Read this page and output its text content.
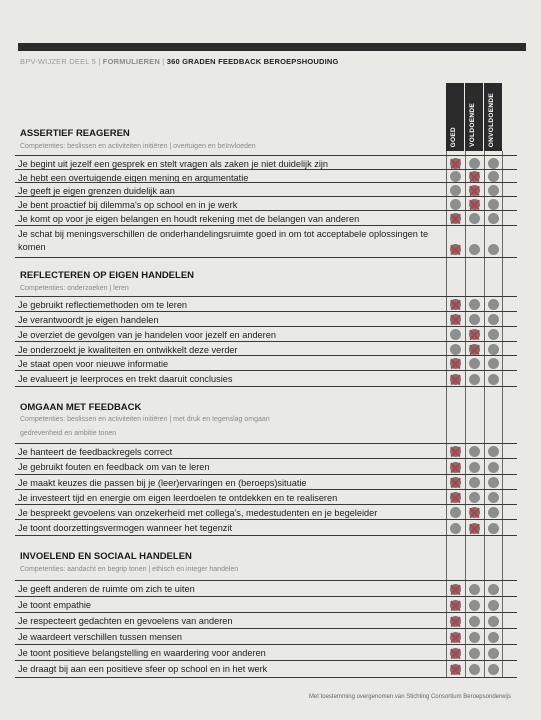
BPV-WIJZER DEEL 5 | FORMULIEREN | 360 GRADEN FEEDBACK BEROEPSHOUDING
GOED VOLDOENDE ONVOLDOENDE
Met toestemming overgenomen van Stichting Consortium Beroepsonderwijs
ASSERTIEF REAGEREN
Competenties: beslissen en activiteiten initiëren | overtuigen en beïnvloeden
Je begint uit jezelf een gesprek en stelt vragen als zaken je niet duidelijk zijn
Je hebt een overtuigende eigen mening en argumentatie
Je geeft je eigen grenzen duidelijk aan
Je bent proactief bij dilemma's op school en in je werk
Je komt op voor je eigen belangen en houdt rekening met de belangen van anderen
Je schat bij meningsverschillen de onderhandelingsruimte goed in om tot acceptabele oplossingen te komen
REFLECTEREN OP EIGEN HANDELEN
Competenties: onderzoeken | leren
Je gebruikt reflectiemethoden om te leren
Je verantwoordt je eigen handelen
Je overziet de gevolgen van je handelen voor jezelf en anderen
Je onderzoekt je kwaliteiten en ontwikkelt deze verder
Je staat open voor nieuwe informatie
Je evalueert je leerproces en trekt daaruit conclusies
OMGAAN MET FEEDBACK
Competenties: beslissen en activiteiten initiëren | met druk en tegenslag omgaan
gedrevenheid en ambitie tonen
Je hanteert de feedbackregels correct
Je gebruikt fouten en feedback om van te leren
Je maakt keuzes die passen bij je (leer)ervaringen en (beroeps)situatie
Je investeert tijd en energie om eigen leerdoelen te ontdekken en te realiseren
Je bespreekt gevoelens van onzekerheid met collega's, medestudenten en je begeleider
Je toont doorzettingsvermogen wanneer het tegenzit
INVOELEND EN SOCIAAL HANDELEN
Competenties: aandacht en begrip tonen | ethisch en integer handelen
Je geeft anderen de ruimte om zich te uiten
Je toont empathie
Je respecteert gedachten en gevoelens van anderen
Je waardeert verschillen tussen mensen
Je toont positieve belangstelling en waardering voor anderen
Je draagt bij aan een positieve sfeer op school en in het werk
